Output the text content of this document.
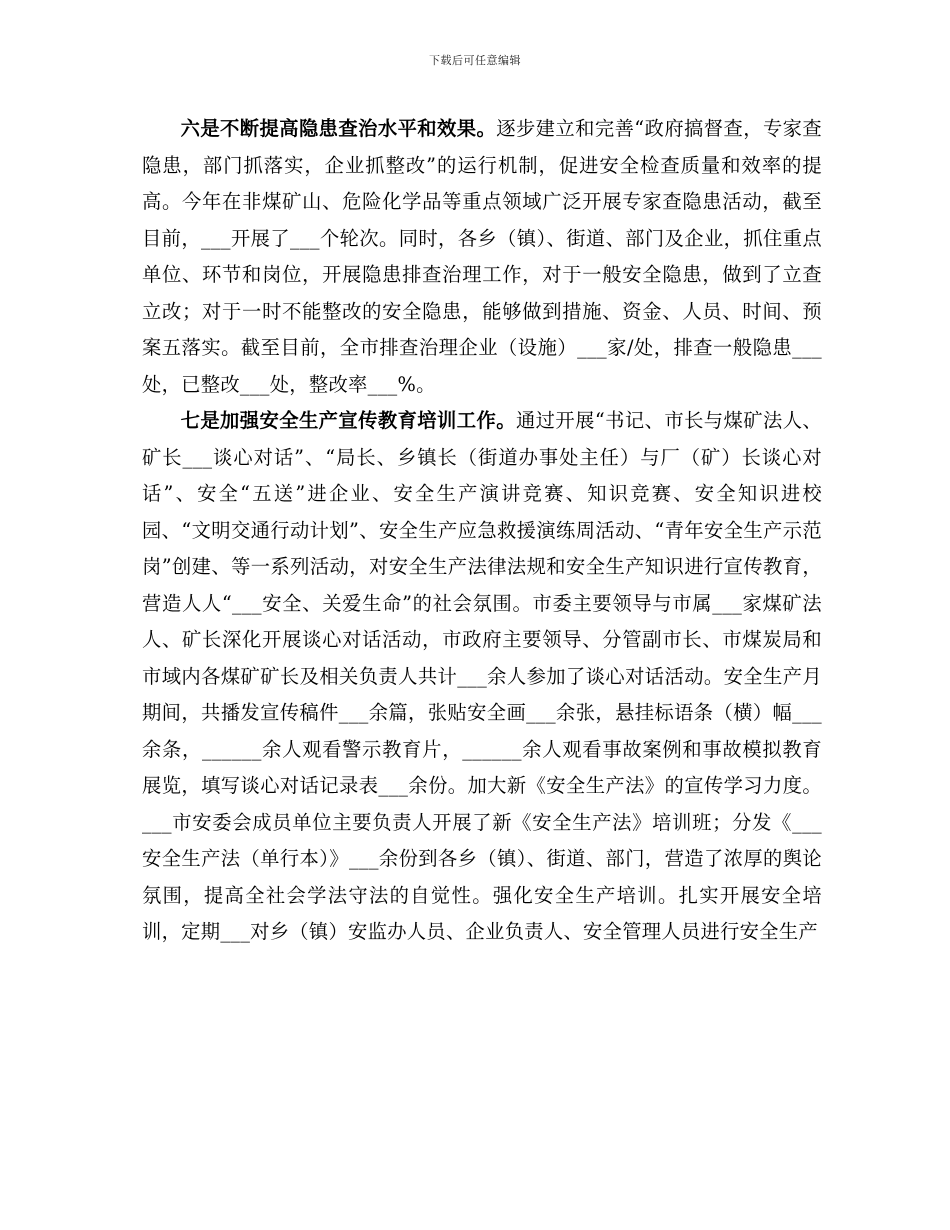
下载后可任意编辑

六是不断提高隐患查治水平和效果。逐步建立和完善“政府搞督查，专家查隐患，部门抓落实，企业抓整改”的运行机制，促进安全检查质量和效率的提高。今年在非煤矿山、危险化学品等重点领域广泛开展专家查隐患活动，截至目前，___开展了___个轮次。同时，各乡（镇）、街道、部门及企业，抓住重点单位、环节和岗位，开展隐患排查治理工作，对于一般安全隐患，做到了立查立改；对于一时不能整改的安全隐患，能够做到措施、资金、人员、时间、预案五落实。截至目前，全市排查治理企业（设施）___家/处，排查一般隐患___处，已整改___处，整改率___%。

七是加强安全生产宣传教育培训工作。通过开展“书记、市长与煤矿法人、矿长___谈心对话”、“局长、乡镇长（街道办事处主任）与厂（矿）长谈心对话”、安全“五送”进企业、安全生产演讲竞赛、知识竞赛、安全知识进校园、“文明交通行动计划”、安全生产应急救援演练周活动、“青年安全生产示范岗”创建、等一系列活动，对安全生产法律法规和安全生产知识进行宣传教育，营造人人“___安全、关爱生命”的社会氛围。市委主要领导与市属___家煤矿法人、矿长深化开展谈心对话活动，市政府主要领导、分管副市长、市煤炭局和市域内各煤矿矿长及相关负责人共计___余人参加了谈心对话活动。安全生产月期间，共播发宣传稿件___余篇，张贴安全画___余张，悬挂标语条（横）幅___余条，______余人观看警示教育片，______余人观看事故案例和事故模拟教育展览，填写谈心对话记录表___余份。加大新《安全生产法》的宣传学习力度。___市安委会成员单位主要负责人开展了新《安全生产法》培训班；分发《___安全生产法（单行本）》___余份到各乡（镇）、街道、部门，营造了浓厚的舆论氛围，提高全社会学法守法的自觉性。强化安全生产培训。扎实开展安全培训，定期___对乡（镇）安监办人员、企业负责人、安全管理人员进行安全生产
